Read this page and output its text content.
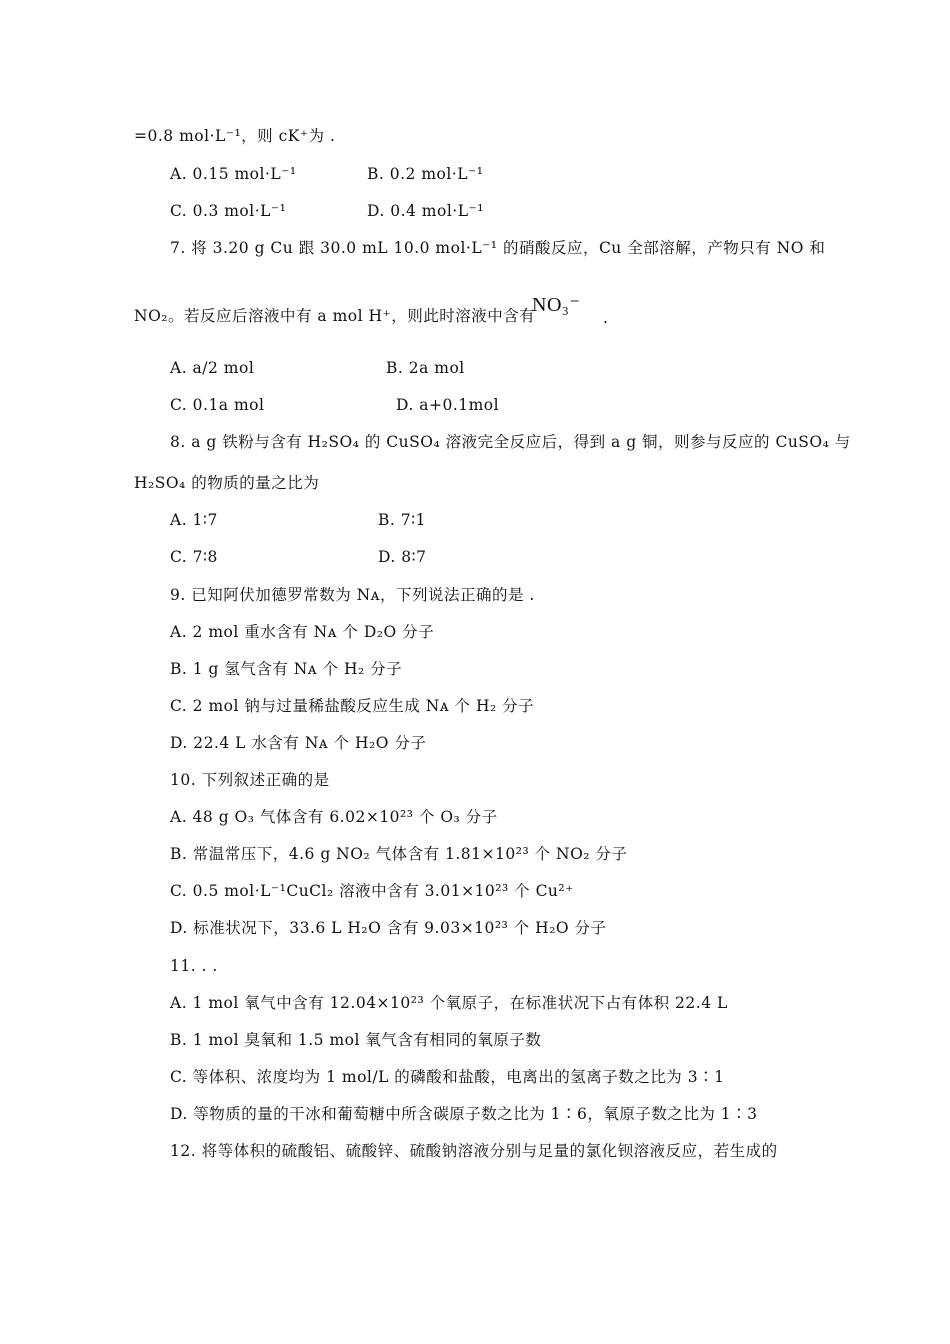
=0.8 mol·L⁻¹，则 cK⁺为 .
A. 0.15 mol·L⁻¹	B. 0.2 mol·L⁻¹
C. 0.3 mol·L⁻¹	D. 0.4 mol·L⁻¹
7. 将 3.20 g Cu 跟 30.0 mL 10.0 mol·L⁻¹ 的硝酸反应，Cu 全部溶解，产物只有 NO 和
NO₂。若反应后溶液中有 a mol H⁺，则此时溶液中含有
NO₃⁻
.
A. a/2 mol	B. 2a mol
C. 0.1a mol	D. a+0.1mol
8. a g 铁粉与含有 H₂SO₄ 的 CuSO₄ 溶液完全反应后，得到 a g 铜，则参与反应的 CuSO₄ 与
H₂SO₄ 的物质的量之比为
A. 1∶7	B. 7∶1
C. 7∶8	D. 8∶7
9. 已知阿伏加德罗常数为 Nᴀ，下列说法正确的是 .
A. 2 mol 重水含有 Nᴀ 个 D₂O 分子
B. 1 g 氢气含有 Nᴀ 个 H₂ 分子
C. 2 mol 钠与过量稀盐酸反应生成 Nᴀ 个 H₂ 分子
D. 22.4 L 水含有 Nᴀ 个 H₂O 分子
10. 下列叙述正确的是
A. 48 g O₃ 气体含有 6.02×10²³ 个 O₃ 分子
B. 常温常压下，4.6 g NO₂ 气体含有 1.81×10²³ 个 NO₂ 分子
C. 0.5 mol·L⁻¹CuCl₂ 溶液中含有 3.01×10²³ 个 Cu²⁺
D. 标准状况下，33.6 L H₂O 含有 9.03×10²³ 个 H₂O 分子
11. . .
A. 1 mol 氧气中含有 12.04×10²³ 个氧原子，在标准状况下占有体积 22.4 L
B. 1 mol 臭氧和 1.5 mol 氧气含有相同的氧原子数
C. 等体积、浓度均为 1 mol/L 的磷酸和盐酸，电离出的氢离子数之比为 3∶1
D. 等物质的量的干冰和葡萄糖中所含碳原子数之比为 1∶6，氧原子数之比为 1∶3
12. 将等体积的硫酸铝、硫酸锌、硫酸钠溶液分别与足量的氯化钡溶液反应，若生成的
